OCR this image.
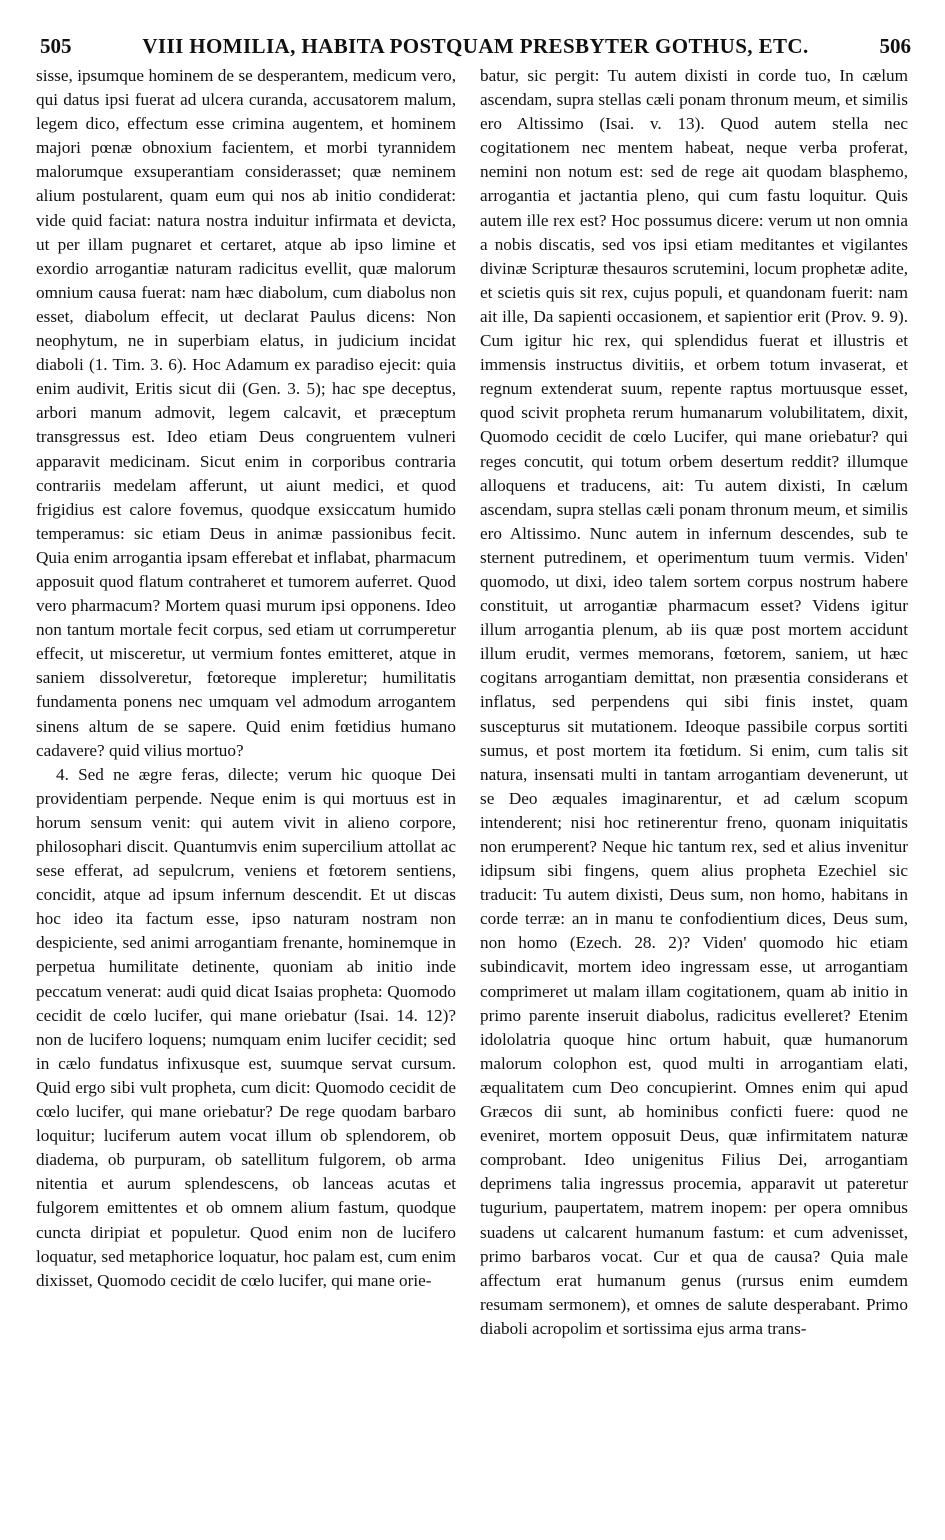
505	VIII HOMILIA, HABITA POSTQUAM PRESBYTER GOTHUS, ETC.	506

sisse, ipsumque hominem de se desperantem, medicum vero, qui datus ipsi fuerat ad ulcera curanda, accusatorem malum, legem dico, effectum esse crimina augentem, et hominem majori pœnæ obnoxium facientem, et morbi tyrannidem malorumque exsuperantiam considerasset; quæ neminem alium postularent, quam eum qui nos ab initio condiderat: vide quid faciat: natura nostra induitur infirmata et devicta, ut per illam pugnaret et certaret, atque ab ipso limine et exordio arrogantiæ naturam radicitus evellit, quæ malorum omnium causa fuerat: nam hæc diabolum, cum diabolus non esset, diabolum effecit, ut declarat Paulus dicens: Non neophytum, ne in superbiam elatus, in judicium incidat diaboli (1. Tim. 3. 6). Hoc Adamum ex paradiso ejecit: quia enim audivit, Eritis sicut dii (Gen. 3. 5); hac spe deceptus, arbori manum admovit, legem calcavit, et præceptum transgressus est. Ideo etiam Deus congruentem vulneri apparavit medicinam. Sicut enim in corporibus contraria contrariis medelam afferunt, ut aiunt medici, et quod frigidius est calore fovemus, quodque exsiccatum humido temperamus: sic etiam Deus in animæ passionibus fecit. Quia enim arrogantia ipsam efferebat et inflabat, pharmacum apposuit quod flatum contraheret et tumorem auferret. Quod vero pharmacum? Mortem quasi murum ipsi opponens. Ideo non tantum mortale fecit corpus, sed etiam ut corrumperetur effecit, ut misceretur, ut vermium fontes emitteret, atque in saniem dissolveretur, fœtoreque impleretur; humilitatis fundamenta ponens nec umquam vel admodum arrogantem sinens altum de se sapere. Quid enim fœtidius humano cadavere? quid vilius mortuo?

4. Sed ne ægre feras, dilecte; verum hic quoque Dei providentiam perpende. Neque enim is qui mortuus est in horum sensum venit: qui autem vivit in alieno corpore, philosophari discit. Quantumvis enim supercilium attollat ac sese efferat, ad sepulcrum, veniens et fœtorem sentiens, concidit, atque ad ipsum infernum descendit. Et ut discas hoc ideo ita factum esse, ipso naturam nostram non despiciente, sed animi arrogantiam frenante, hominemque in perpetua humilitate detinente, quoniam ab initio inde peccatum venerat: audi quid dicat Isaias propheta: Quomodo cecidit de cœlo lucifer, qui mane oriebatur (Isai. 14. 12)? non de lucifero loquens; numquam enim lucifer cecidit; sed in cælo fundatus infixusque est, suumque servat cursum. Quid ergo sibi vult propheta, cum dicit: Quomodo cecidit de cœlo lucifer, qui mane oriebatur? De rege quodam barbaro loquitur; luciferum autem vocat illum ob splendorem, ob diadema, ob purpuram, ob satellitum fulgorem, ob arma nitentia et aurum splendescens, ob lanceas acutas et fulgorem emittentes et ob omnem alium fastum, quodque cuncta diripiat et populetur. Quod enim non de lucifero loquatur, sed metaphorice loquatur, hoc palam est, cum enim dixisset, Quomodo cecidit de cœlo lucifer, qui mane orie-

batur, sic pergit: Tu autem dixisti in corde tuo, In cælum ascendam, supra stellas cæli ponam thronum meum, et similis ero Altissimo (Isai. v. 13). Quod autem stella nec cogitationem nec mentem habeat, neque verba proferat, nemini non notum est: sed de rege ait quodam blasphemo, arrogantia et jactantia pleno, qui cum fastu loquitur. Quis autem ille rex est? Hoc possumus dicere: verum ut non omnia a nobis discatis, sed vos ipsi etiam meditantes et vigilantes divinæ Scripturæ thesauros scrutemini, locum prophetæ adite, et scietis quis sit rex, cujus populi, et quandonam fuerit: nam ait ille, Da sapienti occasionem, et sapientior erit (Prov. 9. 9). Cum igitur hic rex, qui splendidus fuerat et illustris et immensis instructus divitiis, et orbem totum invaserat, et regnum extenderat suum, repente raptus mortuusque esset, quod scivit propheta rerum humanarum volubilitatem, dixit, Quomodo cecidit de cœlo Lucifer, qui mane oriebatur? qui reges concutit, qui totum orbem desertum reddit? illumque alloquens et traducens, ait: Tu autem dixisti, In cælum ascendam, supra stellas cæli ponam thronum meum, et similis ero Altissimo. Nunc autem in infernum descendes, sub te sternent putredinem, et operimentum tuum vermis. Viden' quomodo, ut dixi, ideo talem sortem corpus nostrum habere constituit, ut arrogantiæ pharmacum esset? Videns igitur illum arrogantia plenum, ab iis quæ post mortem accidunt illum erudit, vermes memorans, fœtorem, saniem, ut hæc cogitans arrogantiam demittat, non præsentia considerans et inflatus, sed perpendens qui sibi finis instet, quam suscepturus sit mutationem. Ideoque passibile corpus sortiti sumus, et post mortem ita fœtidum. Si enim, cum talis sit natura, insensati multi in tantam arrogantiam devenerunt, ut se Deo æquales imaginarentur, et ad cælum scopum intenderent; nisi hoc retinerentur freno, quonam iniquitatis non erumperent? Neque hic tantum rex, sed et alius invenitur idipsum sibi fingens, quem alius propheta Ezechiel sic traducit: Tu autem dixisti, Deus sum, non homo, habitans in corde terræ: an in manu te confodientium dices, Deus sum, non homo (Ezech. 28. 2)? Viden' quomodo hic etiam subindicavit, mortem ideo ingressam esse, ut arrogantiam comprimeret ut malam illam cogitationem, quam ab initio in primo parente inseruit diabolus, radicitus evelleret? Etenim idololatria quoque hinc ortum habuit, quæ humanorum malorum colophon est, quod multi in arrogantiam elati, æqualitatem cum Deo concupierint. Omnes enim qui apud Græcos dii sunt, ab hominibus conficti fuere: quod ne eveniret, mortem opposuit Deus, quæ infirmitatem naturæ comprobant. Ideo unigenitus Filius Dei, arrogantiam deprimens talia ingressus procemia, apparavit ut pateretur tugurium, paupertatem, matrem inopem: per opera omnibus suadens ut calcarent humanum fastum: et cum advenisset, primo barbaros vocat. Cur et qua de causa? Quia male affectum erat humanum genus (rursus enim eumdem resumam sermonem), et omnes de salute desperabant. Primo diaboli acropolim et sortissima ejus arma trans-
